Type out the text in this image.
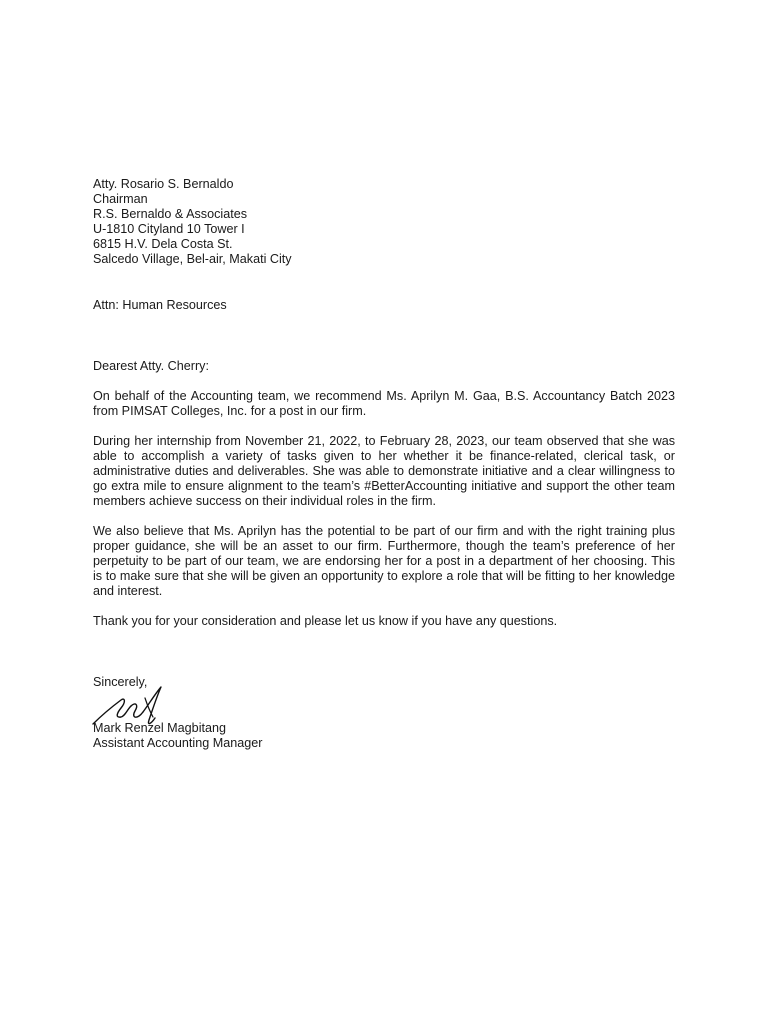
Atty. Rosario S. Bernaldo
Chairman
R.S. Bernaldo & Associates
U-1810 Cityland 10 Tower I
6815 H.V. Dela Costa St.
Salcedo Village, Bel-air, Makati City
Attn: Human Resources
Dearest Atty. Cherry:

On behalf of the Accounting team, we recommend Ms. Aprilyn M. Gaa, B.S. Accountancy Batch 2023 from PIMSAT Colleges, Inc. for a post in our firm.

During her internship from November 21, 2022, to February 28, 2023, our team observed that she was able to accomplish a variety of tasks given to her whether it be finance-related, clerical task, or administrative duties and deliverables. She was able to demonstrate initiative and a clear willingness to go extra mile to ensure alignment to the team’s #BetterAccounting initiative and support the other team members achieve success on their individual roles in the firm.

We also believe that Ms. Aprilyn has the potential to be part of our firm and with the right training plus proper guidance, she will be an asset to our firm. Furthermore, though the team’s preference of her perpetuity to be part of our team, we are endorsing her for a post in a department of her choosing. This is to make sure that she will be given an opportunity to explore a role that will be fitting to her knowledge and interest.

Thank you for your consideration and please let us know if you have any questions.

Sincerely,
Mark Renzel Magbitang
Assistant Accounting Manager
